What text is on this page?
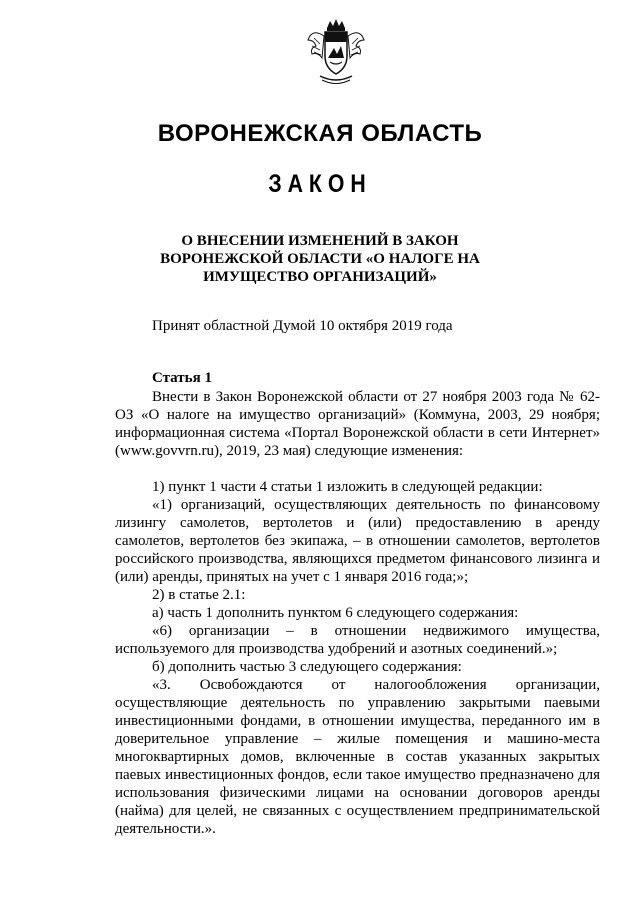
ВОРОНЕЖСКАЯ ОБЛАСТЬ
ЗАКОН
О ВНЕСЕНИИ ИЗМЕНЕНИЙ В ЗАКОН ВОРОНЕЖСКОЙ ОБЛАСТИ «О НАЛОГЕ НА ИМУЩЕСТВО ОРГАНИЗАЦИЙ»
Принят областной Думой 10 октября 2019 года
Статья 1

Внести в Закон Воронежской области от 27 ноября 2003 года № 62-ОЗ «О налоге на имущество организаций» (Коммуна, 2003, 29 ноября; информационная система «Портал Воронежской области в сети Интернет» (www.govvrn.ru), 2019, 23 мая) следующие изменения:

1) пункт 1 части 4 статьи 1 изложить в следующей редакции:

«1) организаций, осуществляющих деятельность по финансовому лизингу самолетов, вертолетов и (или) предоставлению в аренду самолетов, вертолетов без экипажа, – в отношении самолетов, вертолетов российского производства, являющихся предметом финансового лизинга и (или) аренды, принятых на учет с 1 января 2016 года;»;

2) в статье 2.1:

а) часть 1 дополнить пунктом 6 следующего содержания:

«6) организации – в отношении недвижимого имущества, используемого для производства удобрений и азотных соединений.»;

б) дополнить частью 3 следующего содержания:

«3. Освобождаются от налогообложения организации, осуществляющие деятельность по управлению закрытыми паевыми инвестиционными фондами, в отношении имущества, переданного им в доверительное управление – жилые помещения и машино-места многоквартирных домов, включенные в состав указанных закрытых паевых инвестиционных фондов, если такое имущество предназначено для использования физическими лицами на основании договоров аренды (найма) для целей, не связанных с осуществлением предпринимательской деятельности.».
